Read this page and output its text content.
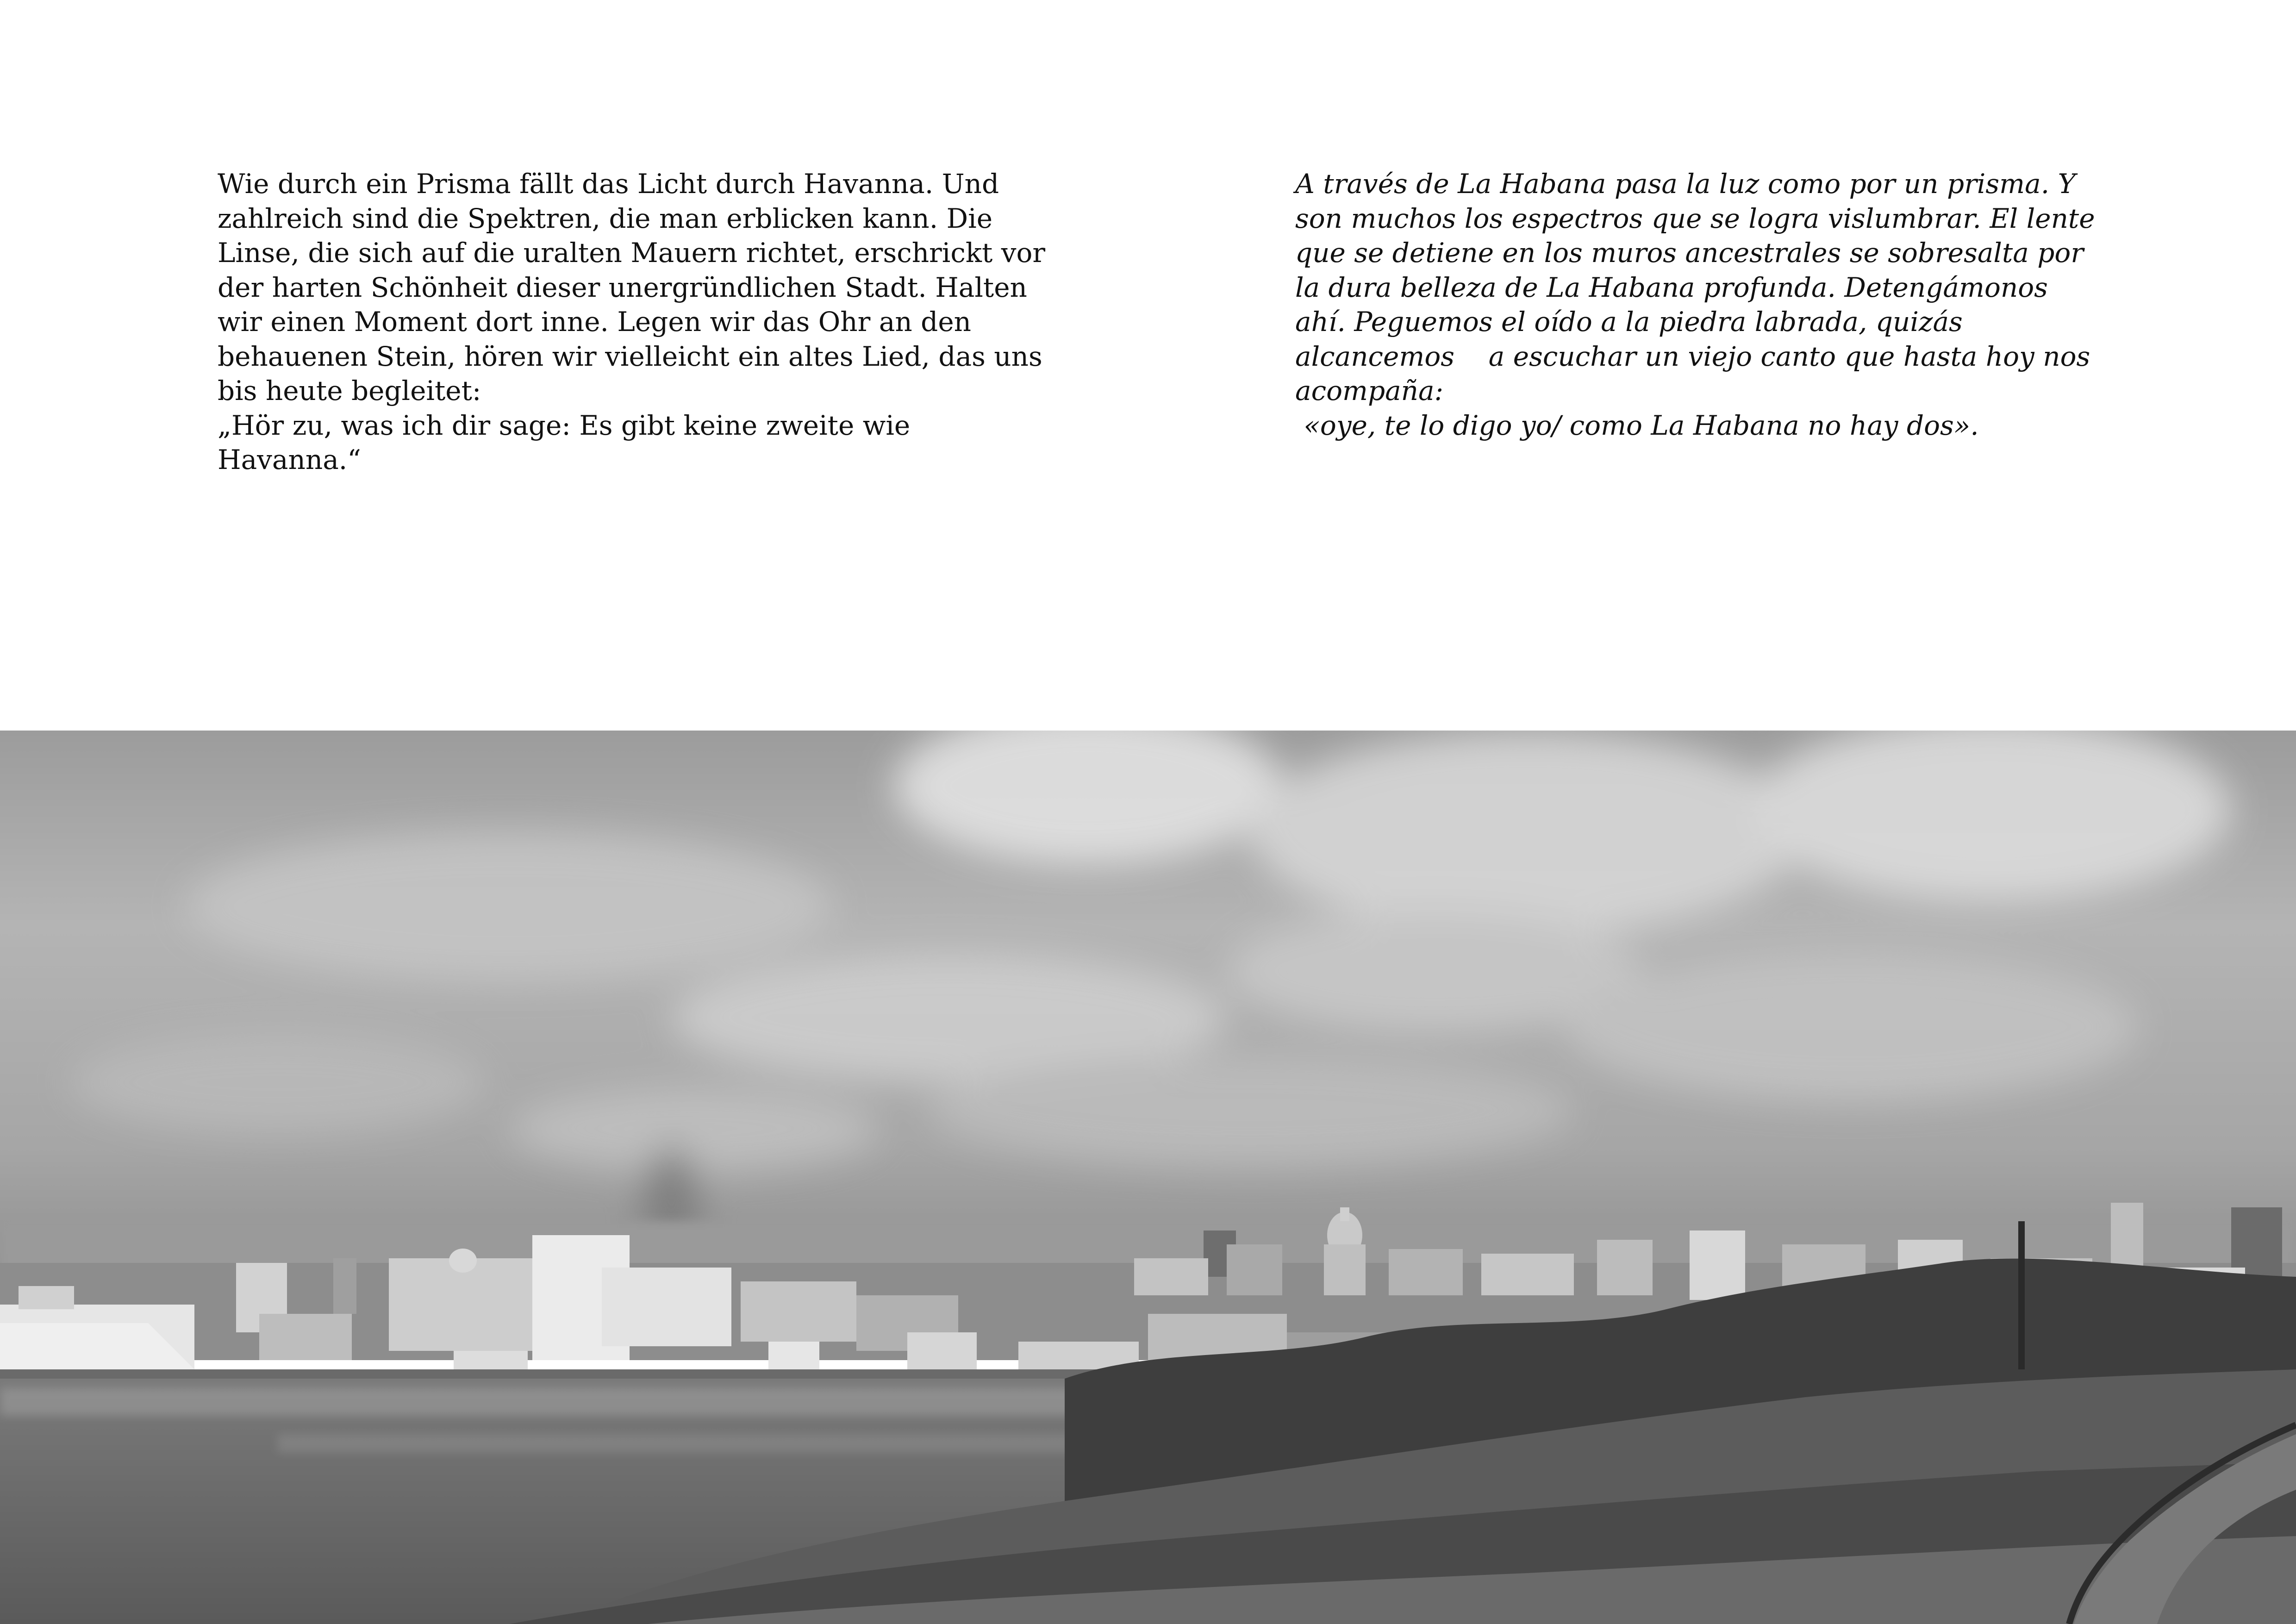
Wie durch ein Prisma fällt das Licht durch Havanna. Und

zahlreich sind die Spektren, die man erblicken kann. Die

Linse, die sich auf die uralten Mauern richtet, erschrickt vor

der harten Schönheit dieser unergründlichen Stadt. Halten

wir einen Moment dort inne. Legen wir das Ohr an den

behauenen Stein, hören wir vielleicht ein altes Lied, das uns

bis heute begleitet:

„Hör zu, was ich dir sage: Es gibt keine zweite wie Havanna.“

A través de La Habana pasa la luz como por un prisma. Y

son muchos los espectros que se logra vislumbrar. El lente

que se detiene en los muros ancestrales se sobresalta por

la dura belleza de La Habana profunda. Detengámonos

ahí. Peguemos el oído a la piedra labrada, quizás

alcancemos    a escuchar un viejo canto que hasta hoy nos

acompaña:

«oye, te lo digo yo/ como La Habana no hay dos».
